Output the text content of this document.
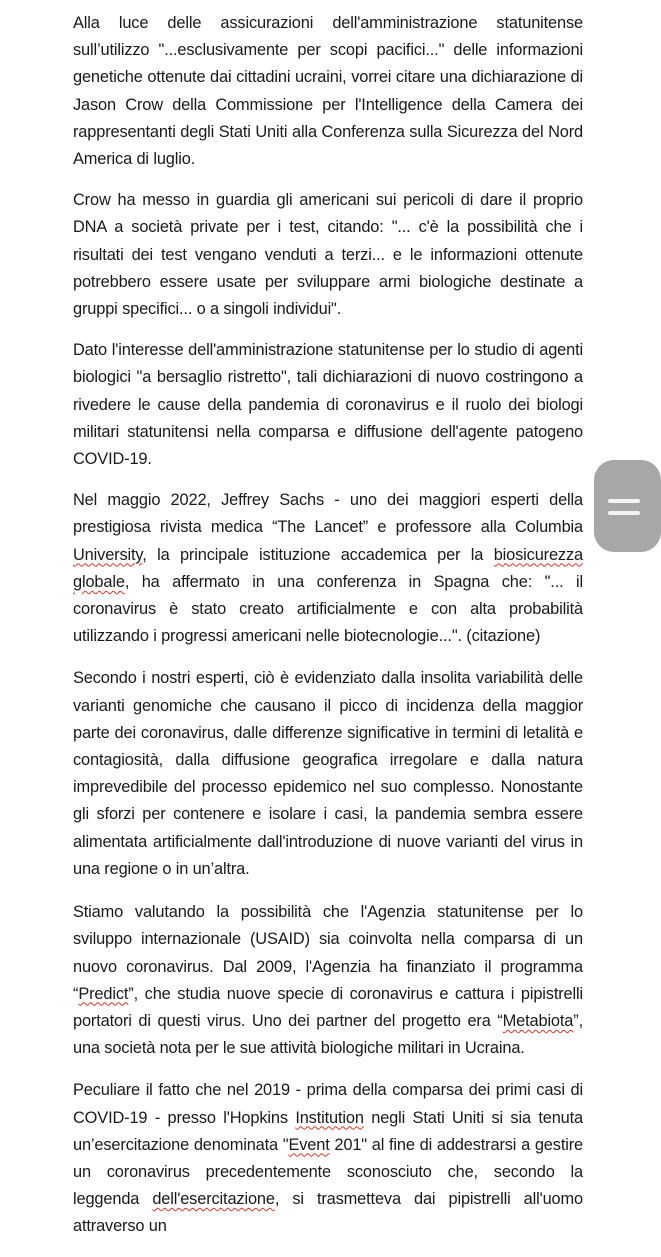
Alla luce delle assicurazioni dell'amministrazione statunitense sull’utilizzo "...esclusivamente per scopi pacifici..." delle informazioni genetiche ottenute dai cittadini ucraini, vorrei citare una dichiarazione di Jason Crow della Commissione per l'Intelligence della Camera dei rappresentanti degli Stati Uniti alla Conferenza sulla Sicurezza del Nord America di luglio.

Crow ha messo in guardia gli americani sui pericoli di dare il proprio DNA a società private per i test, citando: "... c'è la possibilità che i risultati dei test vengano venduti a terzi... e le informazioni ottenute potrebbero essere usate per sviluppare armi biologiche destinate a gruppi specifici... o a singoli individui".

Dato l'interesse dell'amministrazione statunitense per lo studio di agenti biologici "a bersaglio ristretto", tali dichiarazioni di nuovo costringono a rivedere le cause della pandemia di coronavirus e il ruolo dei biologi militari statunitensi nella comparsa e diffusione dell'agente patogeno COVID-19.

Nel maggio 2022, Jeffrey Sachs - uno dei maggiori esperti della prestigiosa rivista medica “The Lancet” e professore alla Columbia University, la principale istituzione accademica per la biosicurezza globale, ha affermato in una conferenza in Spagna che: "... il coronavirus è stato creato artificialmente e con alta probabilità utilizzando i progressi americani nelle biotecnologie...". (citazione)

Secondo i nostri esperti, ciò è evidenziato dalla insolita variabilità delle varianti genomiche che causano il picco di incidenza della maggior parte dei coronavirus, dalle differenze significative in termini di letalità e contagiosità, dalla diffusione geografica irregolare e dalla natura imprevedibile del processo epidemico nel suo complesso. Nonostante gli sforzi per contenere e isolare i casi, la pandemia sembra essere alimentata artificialmente dall'introduzione di nuove varianti del virus in una regione o in un’altra.

Stiamo valutando la possibilità che l'Agenzia statunitense per lo sviluppo internazionale (USAID) sia coinvolta nella comparsa di un nuovo coronavirus. Dal 2009, l'Agenzia ha finanziato il programma “Predict”, che studia nuove specie di coronavirus e cattura i pipistrelli portatori di questi virus. Uno dei partner del progetto era “Metabiota”, una società nota per le sue attività biologiche militari in Ucraina.

Peculiare il fatto che nel 2019 - prima della comparsa dei primi casi di COVID-19 - presso l'Hopkins Institution negli Stati Uniti si sia tenuta un’esercitazione denominata "Event 201" al fine di addestrarsi a gestire un coronavirus precedentemente sconosciuto che, secondo la leggenda dell'esercitazione, si trasmetteva dai pipistrelli all'uomo attraverso un
